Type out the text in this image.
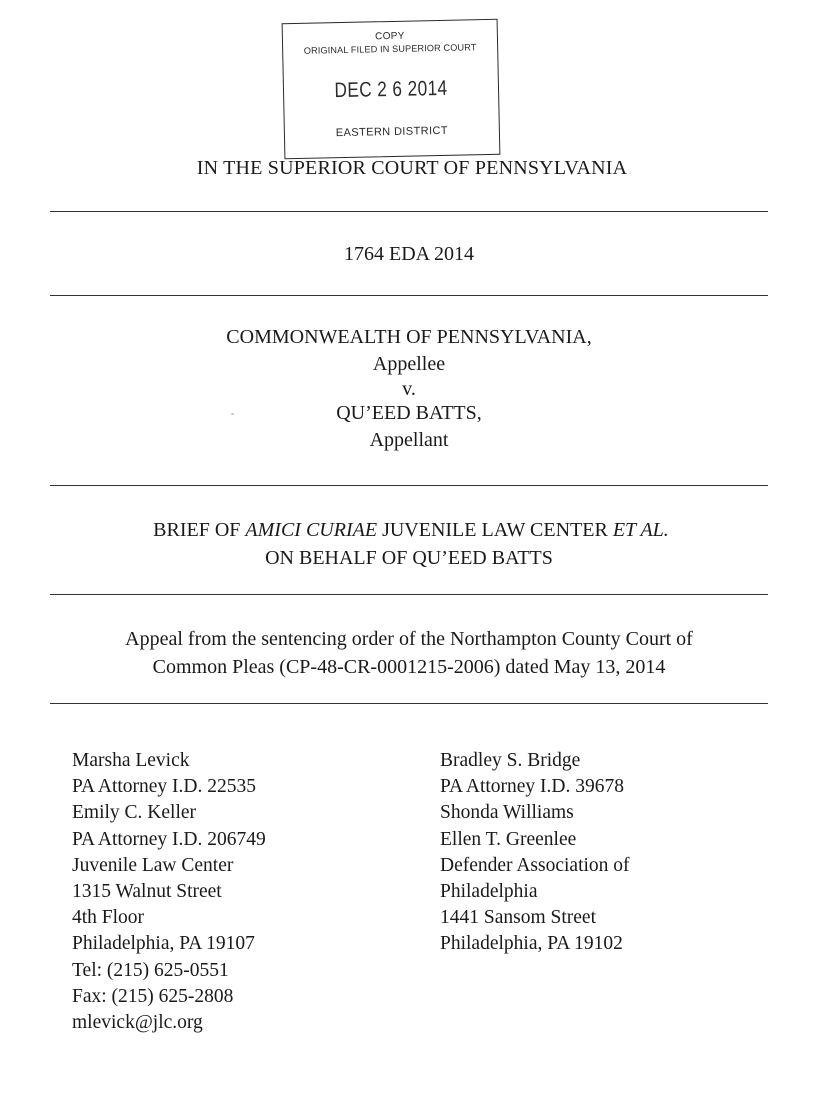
COPY
ORIGINAL FILED IN SUPERIOR COURT
DEC 2 6 2014
EASTERN DISTRICT
IN THE SUPERIOR COURT OF PENNSYLVANIA
1764 EDA 2014
COMMONWEALTH OF PENNSYLVANIA,
Appellee
v.
QU’EED BATTS,
Appellant
BRIEF OF AMICI CURIAE JUVENILE LAW CENTER ET AL.
ON BEHALF OF QU’EED BATTS
Appeal from the sentencing order of the Northampton County Court of
Common Pleas (CP-48-CR-0001215-2006) dated May 13, 2014
Marsha Levick
PA Attorney I.D. 22535
Emily C. Keller
PA Attorney I.D. 206749
Juvenile Law Center
1315 Walnut Street
4th Floor
Philadelphia, PA 19107
Tel: (215) 625-0551
Fax: (215) 625-2808
mlevick@jlc.org
Bradley S. Bridge
PA Attorney I.D. 39678
Shonda Williams
Ellen T. Greenlee
Defender Association of
Philadelphia
1441 Sansom Street
Philadelphia, PA 19102
